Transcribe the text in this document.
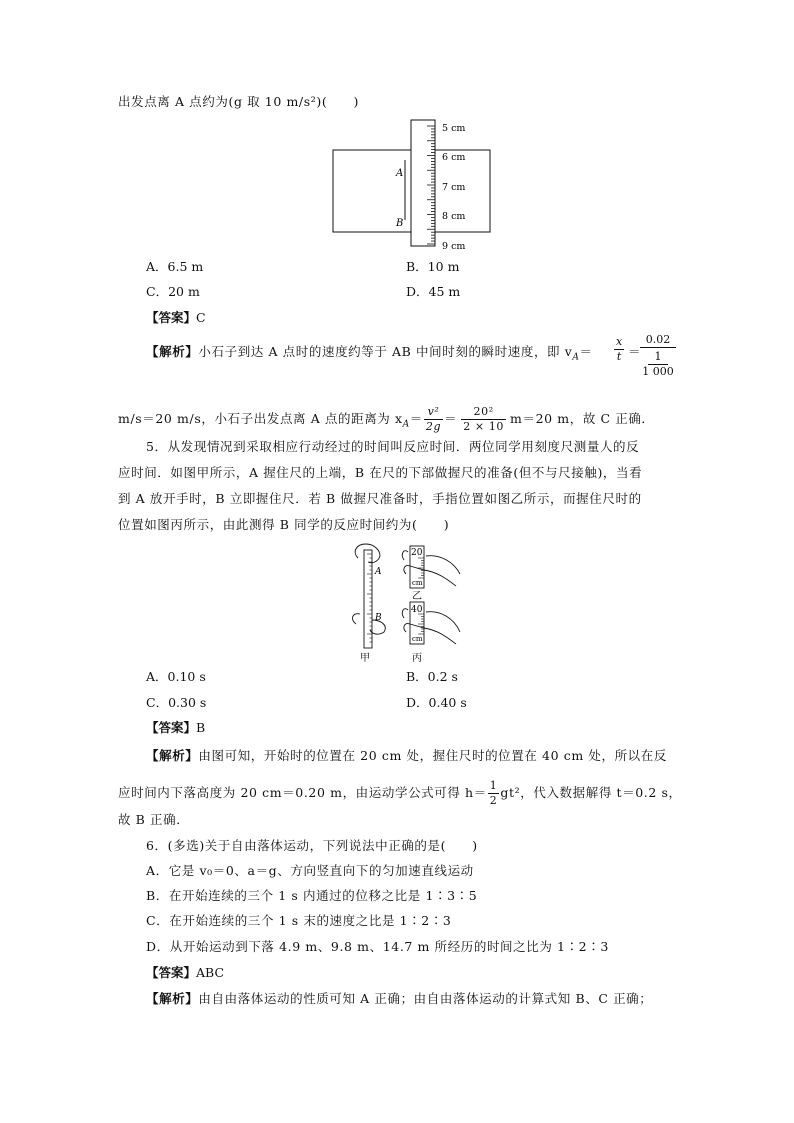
出发点离 A 点约为(g 取 10 m/s²)(　　)
5 cm
6 cm
7 cm
8 cm
9 cm
A
B
A．6.5 m	B．10 m
C．20 m	D．45 m
【答案】C
【解析】小石子到达 A 点时的速度约等于 AB 中间时刻的瞬时速度，即 $v_A= \frac{x}{t}$ ＝
0.02
1
1 000
m/s＝20 m/s，小石子出发点离 A 点的距离为 $x_A= \frac{\text{v²}}{2g} = \frac{\text{20²}}{2 \times 10} m=20$ m，故 C 正确．
5．从发现情况到采取相应行动经过的时间叫反应时间．两位同学用刻度尺测量人的反
应时间．如图甲所示，A 握住尺的上端，B 在尺的下部做握尺的准备(但不与尺接触)，当看
到 A 放开手时，B 立即握住尺．若 B 做握尺准备时，手指位置如图乙所示，而握住尺时的
位置如图丙所示，由此测得 B 同学的反应时间约为(　　)
A
B
甲
20
cm
乙
40
cm
丙
A．0.10 s	B．0.2 s
C．0.30 s	D．0.40 s
【答案】B
【解析】由图可知，开始时的位置在 20 cm 处，握住尺时的位置在 40 cm 处，所以在反
应时间内下落高度为 20 cm＝0.20 m，由运动学公式可得 $h= \frac{1}{2} gt^2$，代入数据解得 t＝0.2 s，
故 B 正确．
6．(多选)关于自由落体运动，下列说法中正确的是(　　)
A．它是 v₀＝0、a＝g、方向竖直向下的匀加速直线运动
B．在开始连续的三个 1 s 内通过的位移之比是 1∶3∶5
C．在开始连续的三个 1 s 末的速度之比是 1∶2∶3
D．从开始运动到下落 4.9 m、9.8 m、14.7 m 所经历的时间之比为 1∶2∶3
【答案】ABC
【解析】由自由落体运动的性质可知 A 正确；由自由落体运动的计算式知 B、C 正确；
